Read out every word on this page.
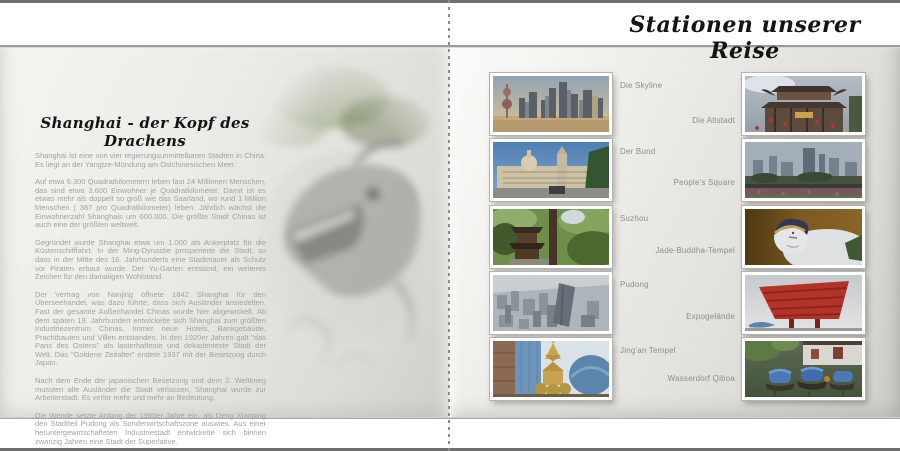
Stationen unserer Reise
Shanghai - der Kopf des Drachens

Shanghai ist eine von vier regierungsunmittelbaren Städten in China. Es liegt an der Yangtze-Mündung am Ostchinesischen Meer.

Auf etwa 6.300 Quadratkilometern leben fast 24 Millionen Menschen, das sind etwa 3.600 Einwohner je Quadratkilometer. Damit ist es etwas mehr als doppelt so groß wie das Saarland, wo rund 1 Million Menschen ( 387 pro Quadratkilometer) leben. Jährlich wächst die Einwohnerzahl Shanghais um 600.000. Die größte Stadt Chinas ist auch eine der größten weltweit.

Gegründet wurde Shanghai etwa um 1.000 als Ankerplatz für die Küstenschifffahrt. In der Ming-Dynastie prosperierte die Stadt, so dass in der Mitte des 16. Jahrhunderts eine Stadtmauer als Schutz vor Piraten erbaut wurde. Der Yu-Garten entstand, ein weiteres Zeichen für den damaligen Wohlstand.

Der Vertrag von Nanjing öffnete 1842 Shanghai für den Überseehandel, was dazu führte, dass sich Ausländer ansiedelten. Fast der gesamte Außenhandel Chinas wurde hier abgewickelt. Ab dem späten 19. Jahrhundert entwickelte sich Shanghai zum größten Industriezentrum Chinas. Immer neue Hotels, Bankgebäude, Prachtbauten und Villen entstanden. In den 1920er Jahren galt "das Paris des Ostens" als lasterhafteste und dekadenteste Stadt der Welt. Das "Goldene Zeitalter" endete 1937 mit der Besetzung durch Japan.

Nach dem Ende der japanischen Besetzung und dem 2. Weltkrieg mussten alle Ausländer die Stadt verlassen, Shanghai wurde zur Arbeiterstadt. Es verlor mehr und mehr an Bedeutung.

Die Wende setzte Anfang der 1990er Jahre ein, als Deng Xiaoping den Stadtteil Pudong als Sonderwirtschaftszone auswies. Aus einer heruntergewirtschafteten Industriestadt entwickelte sich binnen zwanzig Jahren eine Stadt der Superlative.

Die Skyline
Der Bund
Suzhou
Pudong
Jing'an Tempel
Die Altstadt
People's Square
Jade-Buddha-Tempel
Expogelände
Wasserdorf Qiboa
